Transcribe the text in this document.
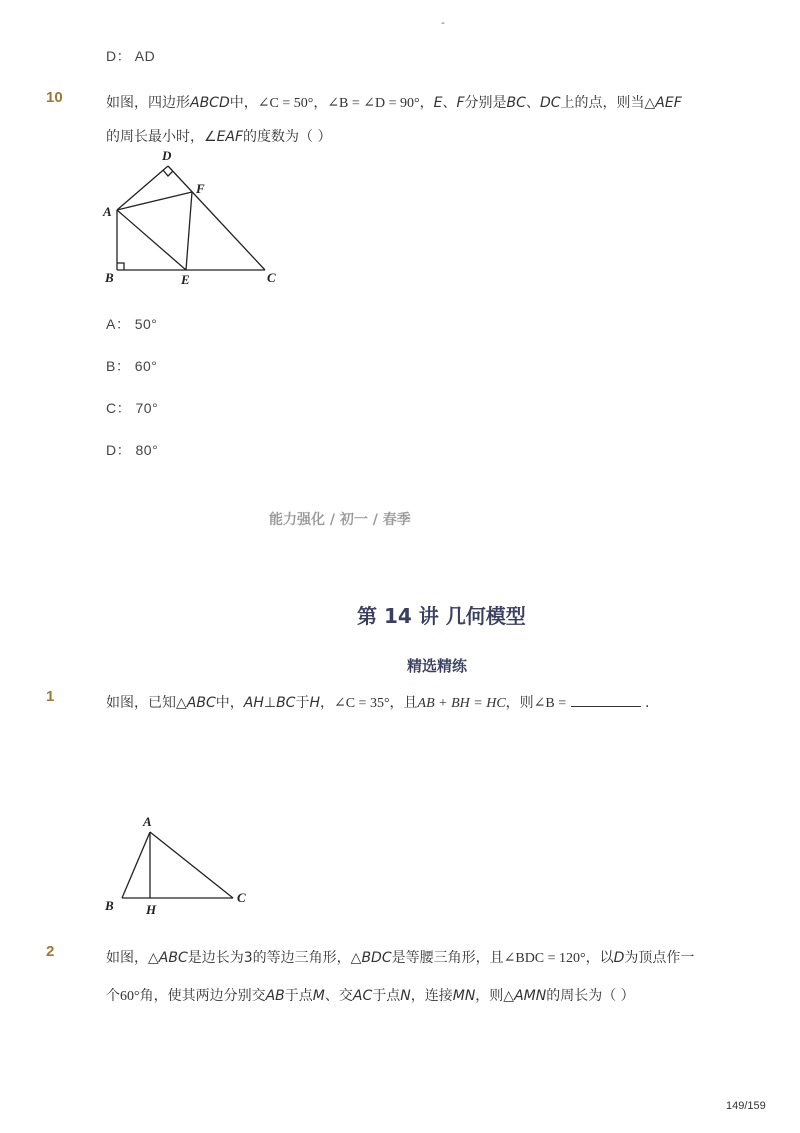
-
D： AD
10	如图，四边形ABCD中，∠C = 50°，∠B = ∠D = 90°，E、F分别是BC、DC上的点，则当△AEF
的周长最小时，∠EAF的度数为（ ）
D
F
A
B	E	C
A： 50°
B： 60°
C： 70°
D： 80°
能力强化 / 初一 / 春季
第 14 讲 几何模型
精选精练
1	如图，已知△ABC中，AH⊥BC于H，∠C = 35°，且AB + BH = HC，则∠B =	.
A
B H
C
2	如图，△ABC是边长为3的等边三角形，△BDC是等腰三角形，且∠BDC = 120°，以D为顶点作一
个60°角，使其两边分别交AB于点M、交AC于点N，连接MN，则△AMN的周长为（ ）
149/159
